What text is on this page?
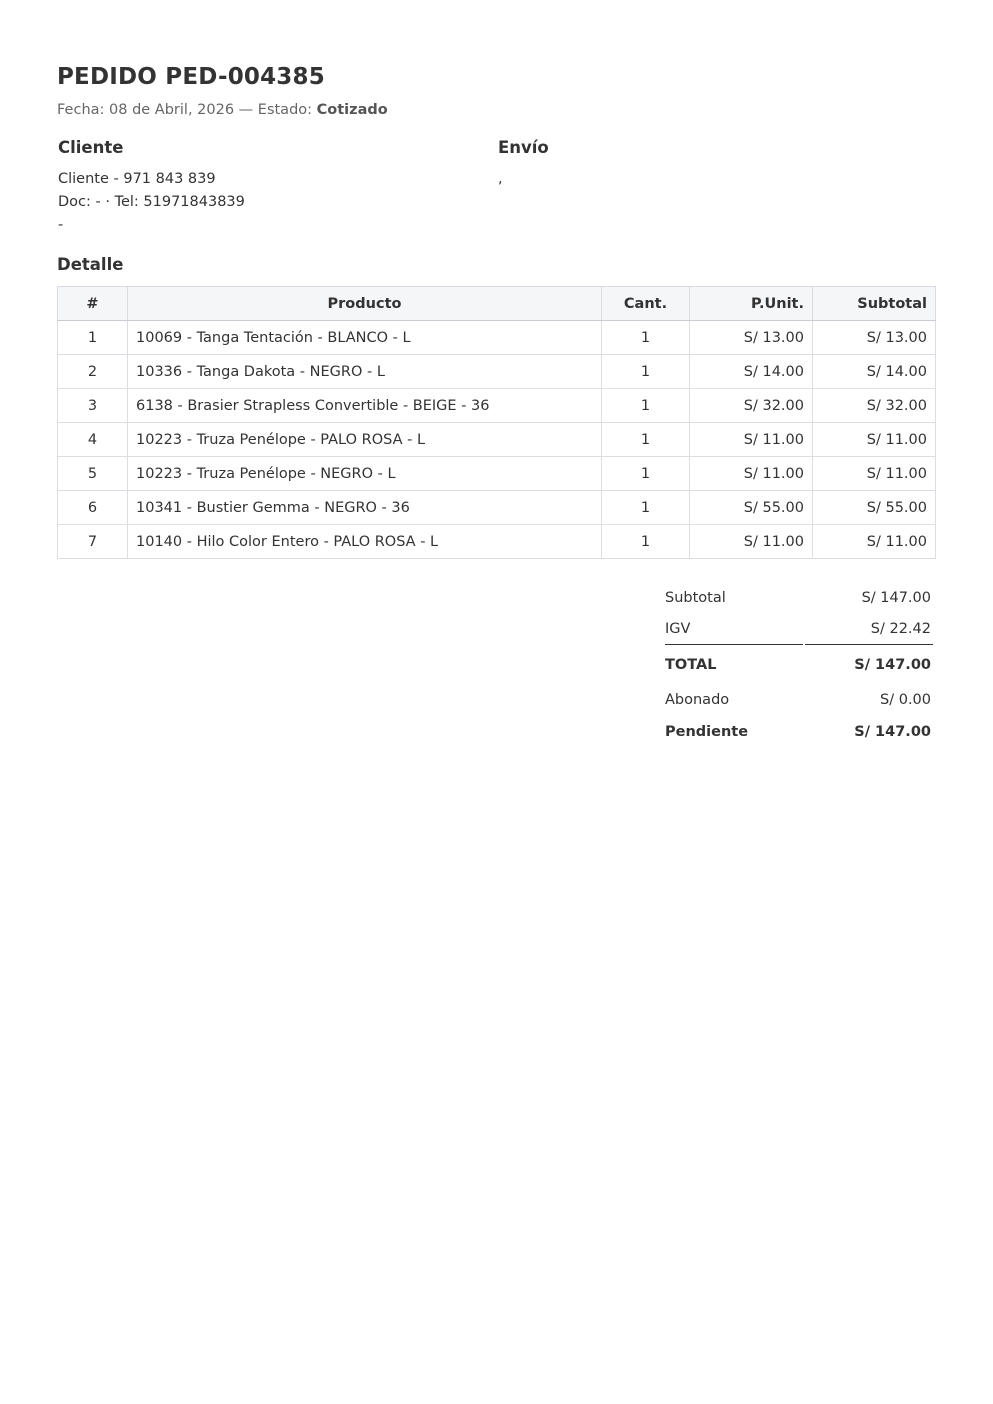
PEDIDO PED-004385
Fecha: 08 de Abril, 2026 — Estado: Cotizado
Cliente
Cliente - 971 843 839
Doc: - · Tel: 51971843839
-
Envío
,
Detalle
#	Producto	Cant.	P.Unit.	Subtotal
1	10069 - Tanga Tentación - BLANCO - L	1	S/ 13.00	S/ 13.00
2	10336 - Tanga Dakota - NEGRO - L	1	S/ 14.00	S/ 14.00
3	6138 - Brasier Strapless Convertible - BEIGE - 36	1	S/ 32.00	S/ 32.00
4	10223 - Truza Penélope - PALO ROSA - L	1	S/ 11.00	S/ 11.00
5	10223 - Truza Penélope - NEGRO - L	1	S/ 11.00	S/ 11.00
6	10341 - Bustier Gemma - NEGRO - 36	1	S/ 55.00	S/ 55.00
7	10140 - Hilo Color Entero - PALO ROSA - L	1	S/ 11.00	S/ 11.00
Subtotal	S/ 147.00
IGV	S/ 22.42
TOTAL	S/ 147.00
Abonado	S/ 0.00
Pendiente	S/ 147.00
